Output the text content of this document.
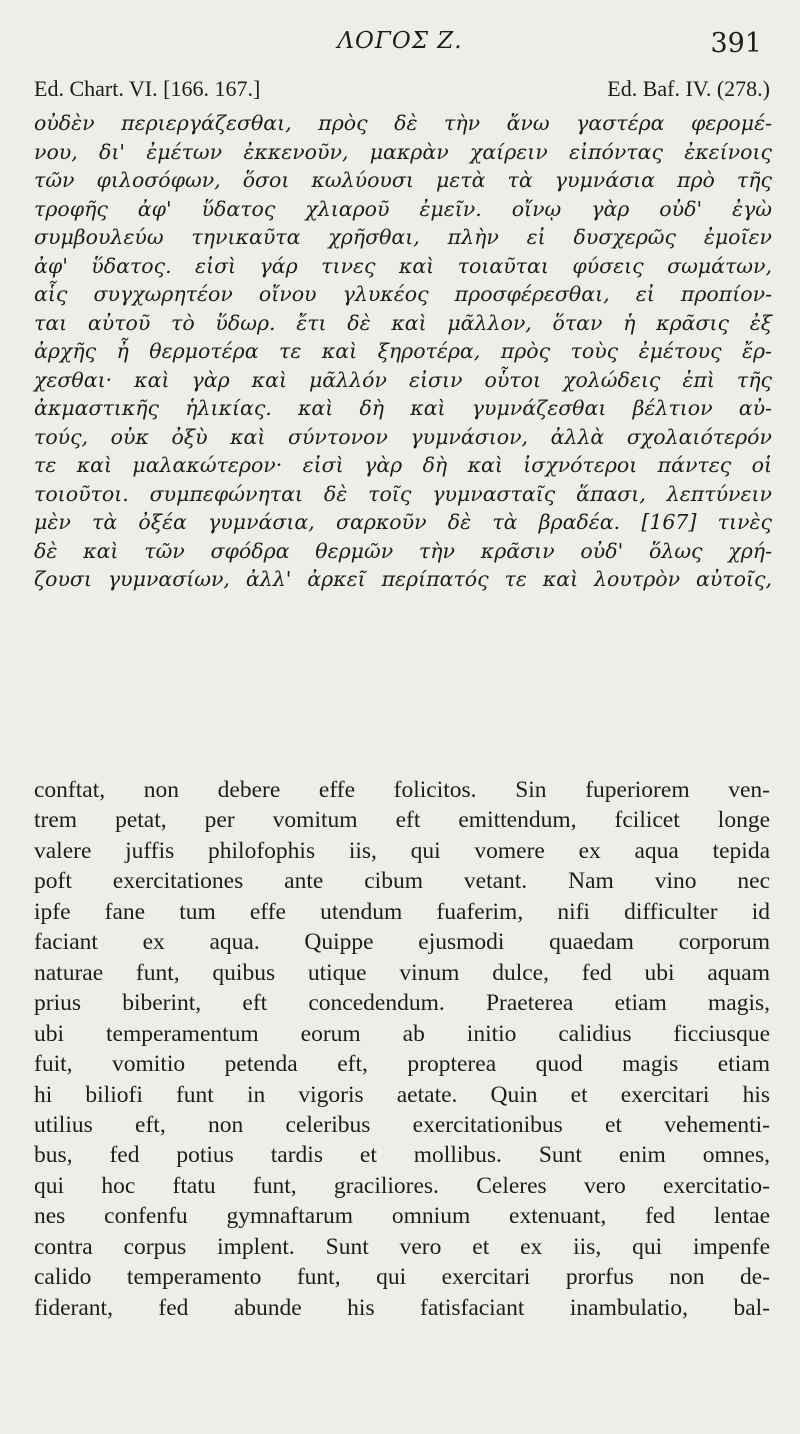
ΛΟΓΟΣ Ζ.	391
Ed. Chart. VI. [166. 167.]	Ed. Baf. IV. (278.)
οὐδὲν περιεργάζεσθαι, πρὸς δὲ τὴν ἄνω γαστέρα φερομέ-
νου, δι' ἐμέτων ἐκκενοῦν, μακρὰν χαίρειν εἰπόντας ἐκείνοις
τῶν φιλοσόφων, ὅσοι κωλύουσι μετὰ τὰ γυμνάσια πρὸ τῆς
τροφῆς ἀφ' ὕδατος χλιαροῦ ἐμεῖν. οἴνῳ γὰρ οὐδ' ἐγὼ
συμβουλεύω τηνικαῦτα χρῆσθαι, πλὴν εἰ δυσχερῶς ἐμοῖεν
ἀφ' ὕδατος. εἰσὶ γάρ τινες καὶ τοιαῦται φύσεις σωμάτων,
αἷς συγχωρητέον οἴνου γλυκέος προσφέρεσθαι, εἰ προπίον-
ται αὐτοῦ τὸ ὕδωρ. ἔτι δὲ καὶ μᾶλλον, ὅταν ἡ κρᾶσις ἐξ
ἀρχῆς ἦ θερμοτέρα τε καὶ ξηροτέρα, πρὸς τοὺς ἐμέτους ἔρ-
χεσθαι· καὶ γὰρ καὶ μᾶλλόν εἰσιν οὗτοι χολώδεις ἐπὶ τῆς
ἀκμαστικῆς ἡλικίας. καὶ δὴ καὶ γυμνάζεσθαι βέλτιον αὐ-
τούς, οὐκ ὀξὺ καὶ σύντονον γυμνάσιον, ἀλλὰ σχολαιότερόν
τε καὶ μαλακώτερον· εἰσὶ γὰρ δὴ καὶ ἰσχνότεροι πάντες οἱ
τοιοῦτοι. συμπεφώνηται δὲ τοῖς γυμνασταῖς ἅπασι, λεπτύνειν
μὲν τὰ ὀξέα γυμνάσια, σαρκοῦν δὲ τὰ βραδέα. [167] τινὲς
δὲ καὶ τῶν σφόδρα θερμῶν τὴν κρᾶσιν οὐδ' ὅλως χρή-
ζουσι γυμνασίων, ἀλλ' ἀρκεῖ περίπατός τε καὶ λουτρὸν αὐτοῖς,
conftat, non debere effe folicitos. Sin fuperiorem ven-
trem petat, per vomitum eft emittendum, fcilicet longe
valere juffis philofophis iis, qui vomere ex aqua tepida
poft exercitationes ante cibum vetant. Nam vino nec
ipfe fane tum effe utendum fuaferim, nifi difficulter id
faciant ex aqua. Quippe ejusmodi quaedam corporum
naturae funt, quibus utique vinum dulce, fed ubi aquam
prius biberint, eft concedendum. Praeterea etiam magis,
ubi temperamentum eorum ab initio calidius ficciusque
fuit, vomitio petenda eft, propterea quod magis etiam
hi biliofi funt in vigoris aetate. Quin et exercitari his
utilius eft, non celeribus exercitationibus et vehementi-
bus, fed potius tardis et mollibus. Sunt enim omnes,
qui hoc ftatu funt, graciliores. Celeres vero exercitatio-
nes confenfu gymnaftarum omnium extenuant, fed lentae
contra corpus implent. Sunt vero et ex iis, qui impenfe
calido temperamento funt, qui exercitari prorfus non de-
fiderant, fed abunde his fatisfaciant inambulatio, bal-
